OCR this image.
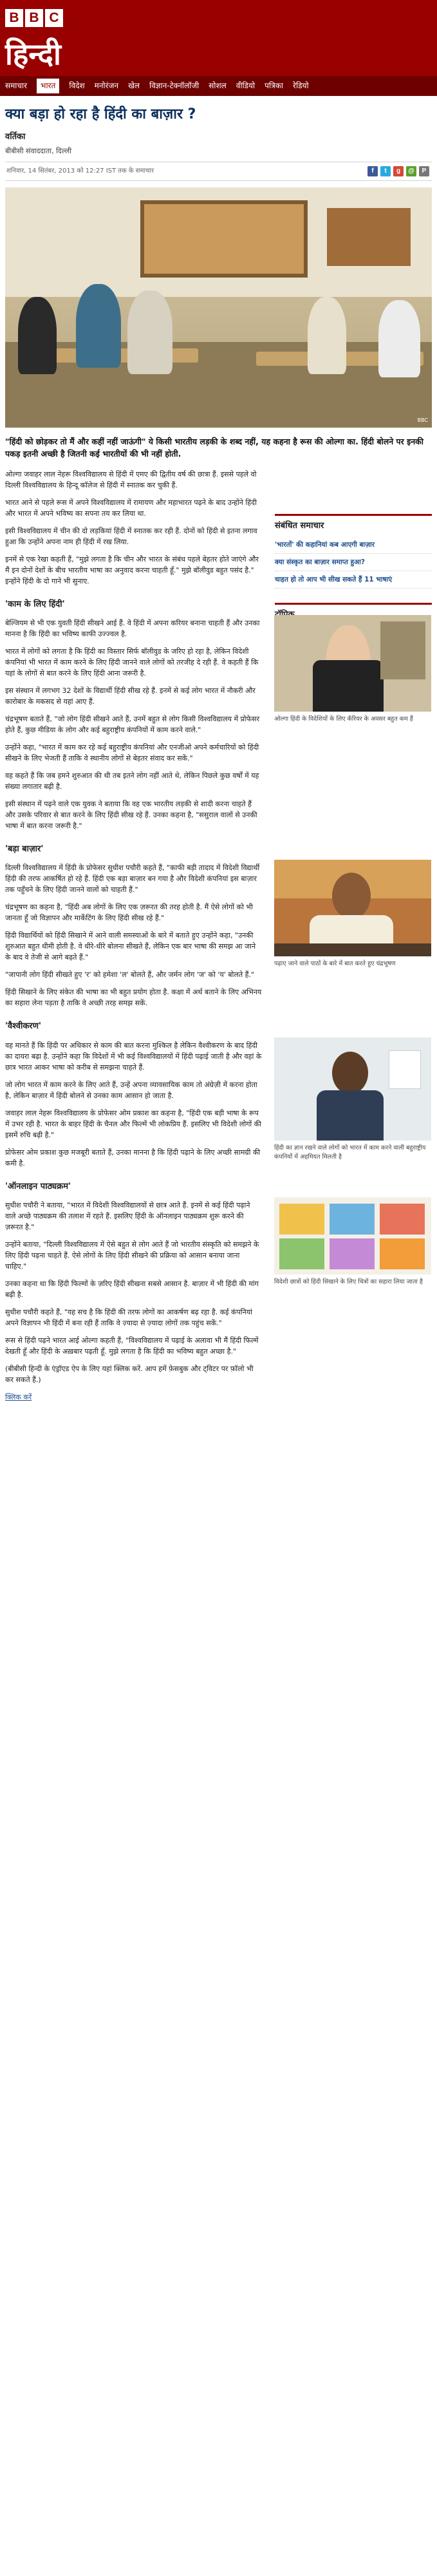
B B C
हिन्दी
समाचार	भारत	विदेश मनोरंजन खेल विज्ञान-टेक्नॉलॉजी सोशल वीडियो पत्रिका रेडियो
क्या बड़ा हो रहा है हिंदी का बाज़ार ?
वर्तिका
बीबीसी संवाददाता, दिल्ली
शनिवार, 14 सितंबर, 2013 को 12:27 IST तक के समाचार	f	t	g	@	P
BBC

"हिंदी को छोड़कर तो मैं और कहीं नहीं जाऊंगी" ये किसी भारतीय लड़की के शब्द नहीं, यह कहना है रूस की ओल्गा का. हिंदी बोलने पर इनकी पकड़ इतनी अच्छी है जितनी कई भारतीयों की भी नहीं होती.

ओल्गा जवाहर लाल नेहरू विश्वविद्यालय से हिंदी में एमए की द्वितीय वर्ष की छात्रा हैं. इससे पहले वो दिल्ली विश्वविद्यालय के हिन्दू कॉलेज से हिंदी में स्नातक कर चुकी हैं.

भारत आने से पहले रूस में अपने विश्वविद्यालय में रामायण और महाभारत पढ़ने के बाद उन्होंने हिंदी और भारत में अपने भविष्य का सपना तय कर लिया था.

इसी विश्वविद्यालय में चीन की दो लड़कियां हिंदी में स्नातक कर रही हैं. दोनों को हिंदी से इतना लगाव हुआ कि उन्होंने अपना नाम ही हिंदी में रख लिया.

इनमें से एक रेखा कहती हैं, "मुझे लगता है कि चीन और भारत के संबंध पहले बेहतर होते जाएंगे और मैं इन दोनों देशों के बीच भारतीय भाषा का अनुवाद करना चाहती हूँ." मुझे बॉलीवुड बहुत पसंद है." इन्होंने हिंदी के दो गाने भी सुनाए.

'काम के लिए हिंदी'
ओल्गा हिंदी के विदेशियों के लिए कॅरियर के अवसर बहुत कम हैं

बेल्जियम से भी एक युवती हिंदी सीखने आई हैं. वे हिंदी में अपना करियर बनाना चाहती हैं और उनका मानना है कि हिंदी का भविष्य काफी उज्ज्वल है.

भारत में लोगों को लगता है कि हिंदी का विस्तार सिर्फ बॉलीवुड के जरिए हो रहा है, लेकिन विदेशी कंपनियां भी भारत में काम करने के लिए हिंदी जानने वाले लोगों को तरजीह दे रही हैं. वे कहती हैं कि यहां के लोगों से बात करने के लिए हिंदी आना जरूरी है.

इस संस्थान में लगभग 32 देशों के विद्यार्थी हिंदी सीख रहे हैं. इनमें से कई लोग भारत में नौकरी और कारोबार के मकसद से यहां आए हैं.

चंद्रभूषण बताते हैं, "जो लोग हिंदी सीखने आते हैं, उनमें बहुत से लोग किसी विश्वविद्यालय में प्रोफेसर होते हैं, कुछ मीडिया के लोग और कई बहुराष्ट्रीय कंपनियों में काम करने वाले."

उन्होंने कहा, "भारत में काम कर रहे कई बहुराष्ट्रीय कंपनियां और एनजीओ अपने कर्मचारियों को हिंदी सीखने के लिए भेजती हैं ताकि वे स्थानीय लोगों से बेहतर संवाद कर सकें."

वह कहते हैं कि जब हमने शुरुआत की थी तब इतने लोग नहीं आते थे, लेकिन पिछले कुछ वर्षों में यह संख्या लगातार बढ़ी है.

इसी संस्थान में पढ़ने वाले एक युवक ने बताया कि वह एक भारतीय लड़की से शादी करना चाहते हैं और उसके परिवार से बात करने के लिए हिंदी सीख रहे हैं. उनका कहना है, "ससुराल वालों से उनकी भाषा में बात करना जरूरी है."

'बड़ा बाज़ार'
पढ़ाए जाने वाले पाठों के बारे में बात करते हुए चंद्रभूषण

दिल्ली विश्वविद्यालय में हिंदी के प्रोफेसर सुधीश पचौरी कहते हैं, "काफी बड़ी तादाद में विदेशी विद्यार्थी हिंदी की तरफ आकर्षित हो रहे हैं. हिंदी एक बड़ा बाज़ार बन गया है और विदेशी कंपनियां इस बाज़ार तक पहुँचने के लिए हिंदी जानने वालों को चाहती हैं."

चंद्रभूषण का कहना है, "हिंदी अब लोगों के लिए एक ज़रूरत की तरह होती है. मैं ऐसे लोगों को भी जानता हूँ जो विज्ञापन और मार्केटिंग के लिए हिंदी सीख रहे हैं."

हिंदी विद्यार्थियों को हिंदी सिखाने में आने वाली समस्याओं के बारे में बताते हुए उन्होंने कहा, "उनकी शुरुआत बहुत धीमी होती है. वे धीरे-धीरे बोलना सीखते हैं, लेकिन एक बार भाषा की समझ आ जाने के बाद वे तेजी से आगे बढ़ते हैं."

"जापानी लोग हिंदी सीखते हुए 'र' को हमेशा 'ल' बोलते हैं, और जर्मन लोग 'ज' को 'य' बोलते हैं."

हिंदी सिखाने के लिए संकेत की भाषा का भी बहुत प्रयोग होता है. कक्षा में अर्थ बताने के लिए अभिनय का सहारा लेना पड़ता है ताकि वे अच्छी तरह समझ सकें.

'वैश्वीकरण'
हिंदी का ज्ञान रखने वाले लोगों को भारत में काम करने वाली बहुराष्ट्रीय कंपनियों में अहमियत मिलती है

वह मानते हैं कि हिंदी पर अधिकार से काम की बात करना मुश्किल है लेकिन वैश्वीकरण के बाद हिंदी का दायरा बढ़ा है. उन्होंने कहा कि विदेशों में भी कई विश्वविद्यालयों में हिंदी पढ़ाई जाती है और वहां के छात्र भारत आकर भाषा को करीब से समझना चाहते हैं.

जो लोग भारत में काम करने के लिए आते हैं, उन्हें अपना व्यावसायिक काम तो अंग्रेज़ी में करना होता है, लेकिन बाज़ार में हिंदी बोलने से उनका काम आसान हो जाता है.

जवाहर लाल नेहरू विश्वविद्यालय के प्रोफेसर ओम प्रकाश का कहना है, "हिंदी एक बड़ी भाषा के रूप में उभर रही है. भारत के बाहर हिंदी के चैनल और फिल्में भी लोकप्रिय हैं. इसलिए भी विदेशी लोगों की इसमें रुचि बढ़ी है."

प्रोफेसर ओम प्रकाश कुछ मजबूरी बताते हैं, उनका मानना है कि हिंदी पढ़ाने के लिए अच्छी सामग्री की कमी है.

'ऑनलाइन पाठ्यक्रम'
विदेशी छात्रों को हिंदी सिखाने के लिए चित्रों का सहारा लिया जाता है

सुधीश पचौरी ने बताया, "भारत में विदेशी विश्वविद्यालयों से छात्र आते हैं. इनमें से कई हिंदी पढ़ाने वाले अच्छे पाठ्यक्रम की तलाश में रहते हैं. इसलिए हिंदी के ऑनलाइन पाठ्यक्रम शुरू करने की ज़रूरत है."

उन्होंने बताया, "दिल्ली विश्वविद्यालय में ऐसे बहुत से लोग आते हैं जो भारतीय संस्कृति को समझने के लिए हिंदी पढ़ना चाहते हैं. ऐसे लोगों के लिए हिंदी सीखने की प्रक्रिया को आसान बनाया जाना चाहिए."

उनका कहना था कि हिंदी फिल्मों के ज़रिए हिंदी सीखना सबसे आसान है. बाज़ार में भी हिंदी की मांग बढ़ी है.

सुधीश पचौरी कहते हैं, "यह सच है कि हिंदी की तरफ लोगों का आकर्षण बढ़ रहा है. कई कंपनियां अपने विज्ञापन भी हिंदी में बना रही हैं ताकि वे ज़्यादा से ज़्यादा लोगों तक पहुंच सकें."

रूस से हिंदी पढ़ने भारत आई ओल्गा कहती हैं, "विश्वविद्यालय में पढ़ाई के अलावा भी मैं हिंदी फिल्में देखती हूँ और हिंदी के अख़बार पढ़ती हूँ. मुझे लगता है कि हिंदी का भविष्य बहुत अच्छा है."

(बीबीसी हिन्दी के एंड्रॉएड ऐप के लिए यहां क्लिक करें. आप हमें फ़ेसबुक और ट्विटर पर फ़ॉलो भी कर सकते हैं.)

क्लिक करें

संबंधित समाचार
'भारतों' की कहानियां कब आएगी बाज़ार
क्या संस्कृत का बाज़ार समाप्त हुआ?
चाहत हो तो आप भी सीख सकते हैं 11 भाषाएं
